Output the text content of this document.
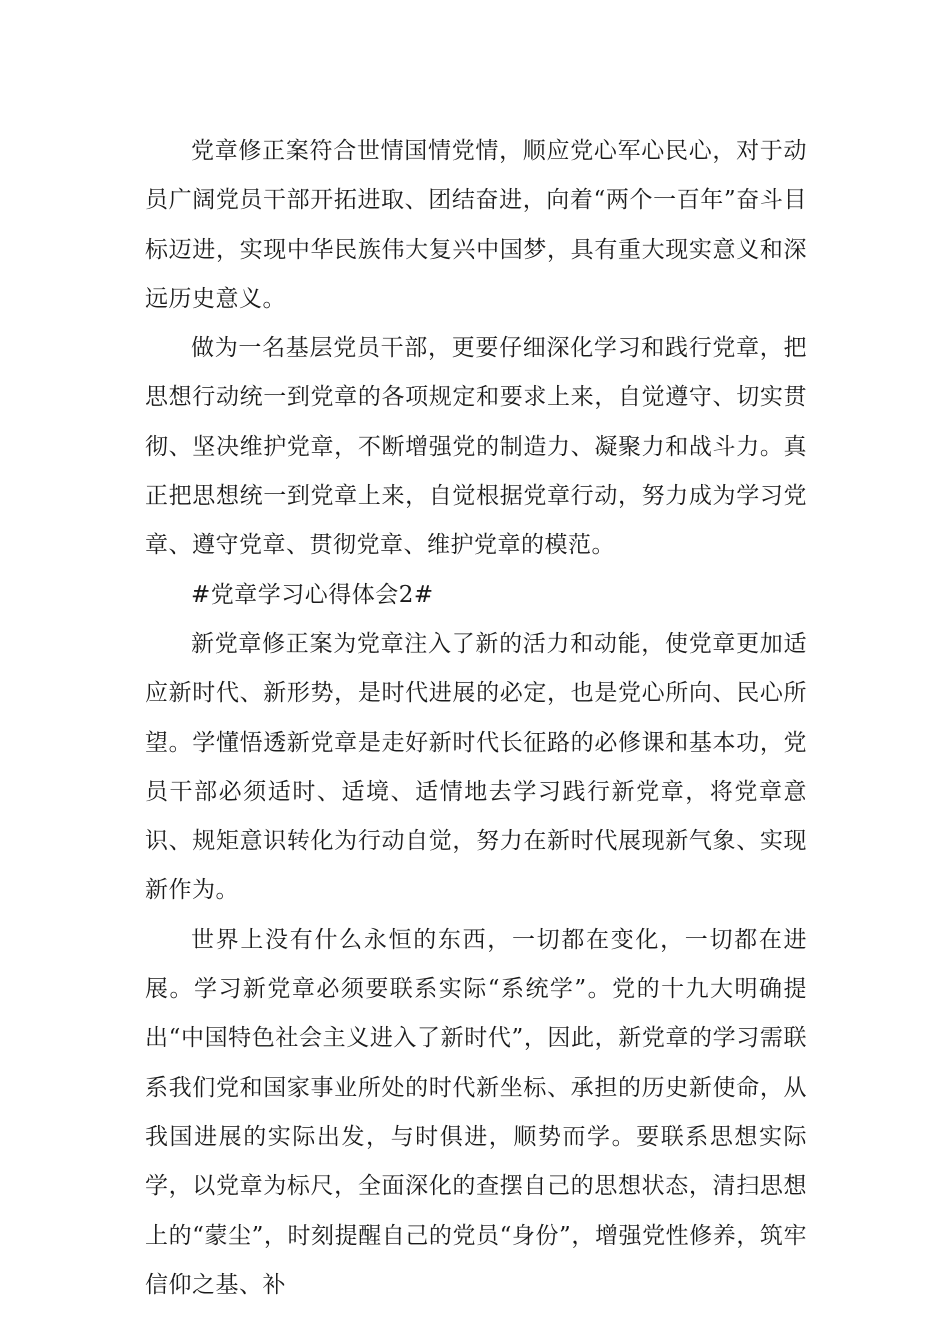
党章修正案符合世情国情党情，顺应党心军心民心，对于动员广阔党员干部开拓进取、团结奋进，向着“两个一百年”奋斗目标迈进，实现中华民族伟大复兴中国梦，具有重大现实意义和深远历史意义。

做为一名基层党员干部，更要仔细深化学习和践行党章，把思想行动统一到党章的各项规定和要求上来，自觉遵守、切实贯彻、坚决维护党章，不断增强党的制造力、凝聚力和战斗力。真正把思想统一到党章上来，自觉根据党章行动，努力成为学习党章、遵守党章、贯彻党章、维护党章的模范。

#党章学习心得体会2#

新党章修正案为党章注入了新的活力和动能，使党章更加适应新时代、新形势，是时代进展的必定，也是党心所向、民心所望。学懂悟透新党章是走好新时代长征路的必修课和基本功，党员干部必须适时、适境、适情地去学习践行新党章，将党章意识、规矩意识转化为行动自觉，努力在新时代展现新气象、实现新作为。

世界上没有什么永恒的东西，一切都在变化，一切都在进展。学习新党章必须要联系实际“系统学”。党的十九大明确提出“中国特色社会主义进入了新时代”，因此，新党章的学习需联系我们党和国家事业所处的时代新坐标、承担的历史新使命，从我国进展的实际出发，与时俱进，顺势而学。要联系思想实际学，以党章为标尺，全面深化的查摆自己的思想状态，清扫思想上的“蒙尘”，时刻提醒自己的党员“身份”，增强党性修养，筑牢信仰之基、补
